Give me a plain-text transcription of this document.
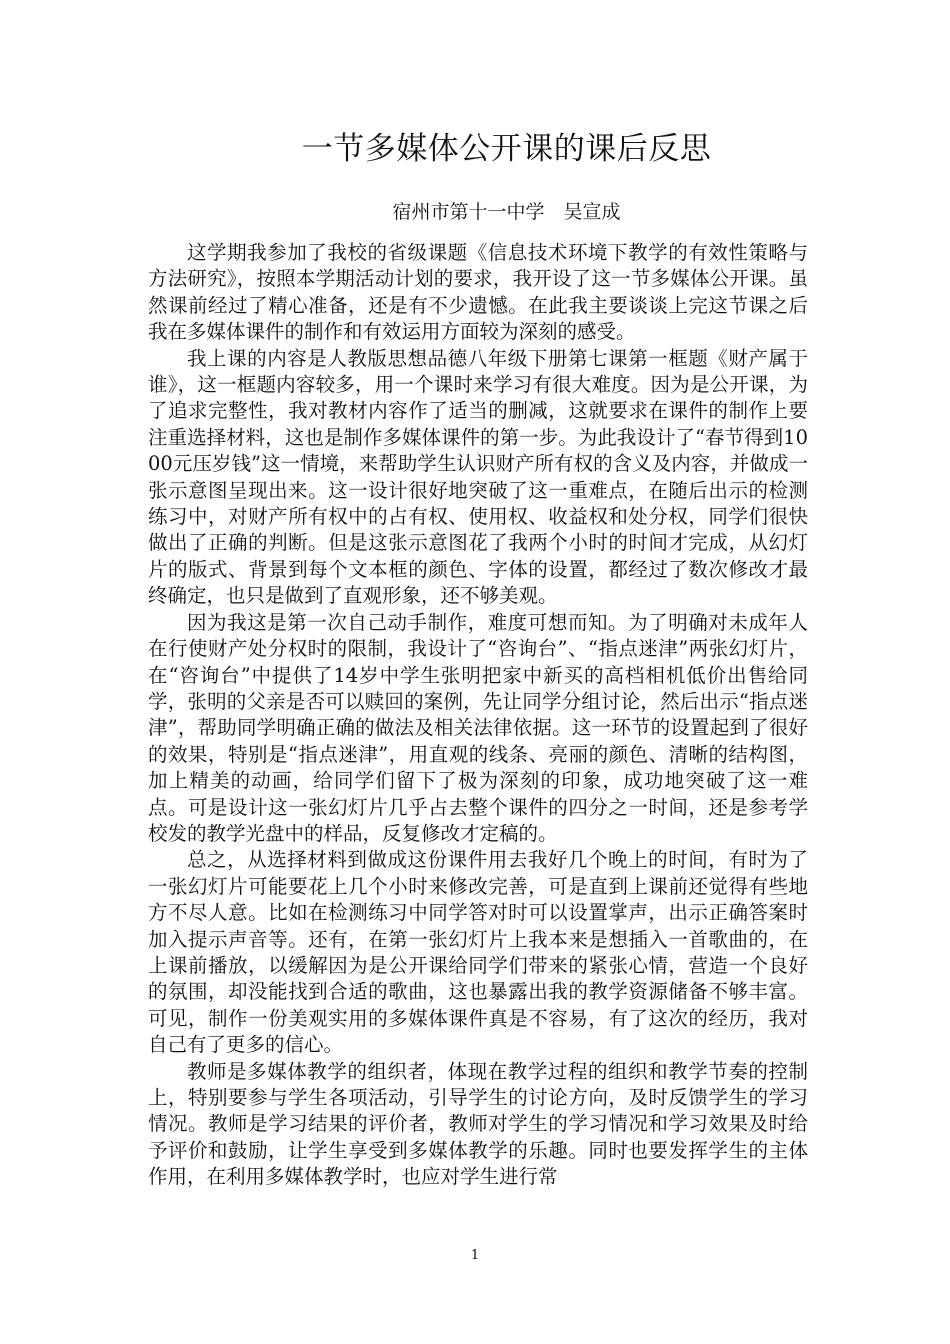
一节多媒体公开课的课后反思

宿州市第十一中学　吴宣成

这学期我参加了我校的省级课题《信息技术环境下教学的有效性策略与方法研究》，按照本学期活动计划的要求，我开设了这一节多媒体公开课。虽然课前经过了精心准备，还是有不少遗憾。在此我主要谈谈上完这节课之后我在多媒体课件的制作和有效运用方面较为深刻的感受。

我上课的内容是人教版思想品德八年级下册第七课第一框题《财产属于谁》，这一框题内容较多，用一个课时来学习有很大难度。因为是公开课，为了追求完整性，我对教材内容作了适当的删减，这就要求在课件的制作上要注重选择材料，这也是制作多媒体课件的第一步。为此我设计了“春节得到1000元压岁钱”这一情境，来帮助学生认识财产所有权的含义及内容，并做成一张示意图呈现出来。这一设计很好地突破了这一重难点，在随后出示的检测练习中，对财产所有权中的占有权、使用权、收益权和处分权，同学们很快做出了正确的判断。但是这张示意图花了我两个小时的时间才完成，从幻灯片的版式、背景到每个文本框的颜色、字体的设置，都经过了数次修改才最终确定，也只是做到了直观形象，还不够美观。

因为我这是第一次自己动手制作，难度可想而知。为了明确对未成年人在行使财产处分权时的限制，我设计了“咨询台”、“指点迷津”两张幻灯片，在“咨询台”中提供了14岁中学生张明把家中新买的高档相机低价出售给同学，张明的父亲是否可以赎回的案例，先让同学分组讨论，然后出示“指点迷津”，帮助同学明确正确的做法及相关法律依据。这一环节的设置起到了很好的效果，特别是“指点迷津”，用直观的线条、亮丽的颜色、清晰的结构图，加上精美的动画，给同学们留下了极为深刻的印象，成功地突破了这一难点。可是设计这一张幻灯片几乎占去整个课件的四分之一时间，还是参考学校发的教学光盘中的样品，反复修改才定稿的。

总之，从选择材料到做成这份课件用去我好几个晚上的时间，有时为了一张幻灯片可能要花上几个小时来修改完善，可是直到上课前还觉得有些地方不尽人意。比如在检测练习中同学答对时可以设置掌声，出示正确答案时加入提示声音等。还有，在第一张幻灯片上我本来是想插入一首歌曲的，在上课前播放，以缓解因为是公开课给同学们带来的紧张心情，营造一个良好的氛围，却没能找到合适的歌曲，这也暴露出我的教学资源储备不够丰富。可见，制作一份美观实用的多媒体课件真是不容易，有了这次的经历，我对自己有了更多的信心。

教师是多媒体教学的组织者，体现在教学过程的组织和教学节奏的控制上，特别要参与学生各项活动，引导学生的讨论方向，及时反馈学生的学习情况。教师是学习结果的评价者，教师对学生的学习情况和学习效果及时给予评价和鼓励，让学生享受到多媒体教学的乐趣。同时也要发挥学生的主体作用，在利用多媒体教学时，也应对学生进行常

1
